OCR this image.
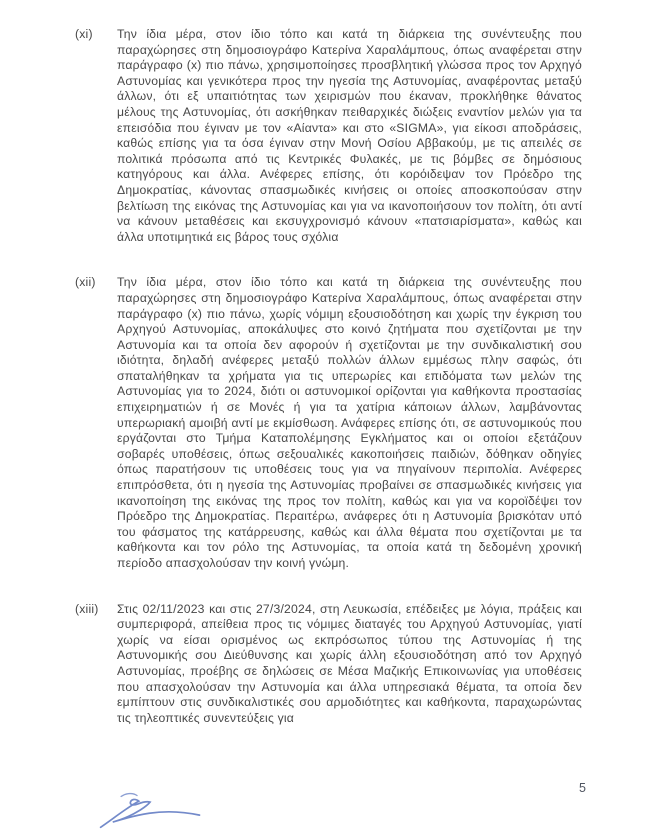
(xi)	Την ίδια μέρα, στον ίδιο τόπο και κατά τη διάρκεια της συνέντευξης που παραχώρησες στη δημοσιογράφο Κατερίνα Χαραλάμπους, όπως αναφέρεται στην παράγραφο (x) πιο πάνω, χρησιμοποίησες προσβλητική γλώσσα προς τον Αρχηγό Αστυνομίας και γενικότερα προς την ηγεσία της Αστυνομίας, αναφέροντας μεταξύ άλλων, ότι εξ υπαιτιότητας των χειρισμών που έκαναν, προκλήθηκε θάνατος μέλους της Αστυνομίας, ότι ασκήθηκαν πειθαρχικές διώξεις εναντίον μελών για τα επεισόδια που έγιναν με τον «Αίαντα» και στο «SIGMA», για είκοσι αποδράσεις, καθώς επίσης για τα όσα έγιναν στην Μονή Οσίου Αββακούμ, με τις απειλές σε πολιτικά πρόσωπα από τις Κεντρικές Φυλακές, με τις βόμβες σε δημόσιους κατηγόρους και άλλα. Ανέφερες επίσης, ότι κορόιδεψαν τον Πρόεδρο της Δημοκρατίας, κάνοντας σπασμωδικές κινήσεις οι οποίες αποσκοπούσαν στην βελτίωση της εικόνας της Αστυνομίας και για να ικανοποιήσουν τον πολίτη, ότι αντί να κάνουν μεταθέσεις και εκσυγχρονισμό κάνουν «πατσιαρίσματα», καθώς και άλλα υποτιμητικά εις βάρος τους σχόλια
(xii)	Την ίδια μέρα, στον ίδιο τόπο και κατά τη διάρκεια της συνέντευξης που παραχώρησες στη δημοσιογράφο Κατερίνα Χαραλάμπους, όπως αναφέρεται στην παράγραφο (x) πιο πάνω, χωρίς νόμιμη εξουσιοδότηση και χωρίς την έγκριση του Αρχηγού Αστυνομίας, αποκάλυψες στο κοινό ζητήματα που σχετίζονται με την Αστυνομία και τα οποία δεν αφορούν ή σχετίζονται με την συνδικαλιστική σου ιδιότητα, δηλαδή ανέφερες μεταξύ πολλών άλλων εμμέσως πλην σαφώς, ότι σπαταλήθηκαν τα χρήματα για τις υπερωρίες και επιδόματα των μελών της Αστυνομίας για το 2024, διότι οι αστυνομικοί ορίζονται για καθήκοντα προστασίας επιχειρηματιών ή σε Μονές ή για τα χατίρια κάποιων άλλων, λαμβάνοντας υπερωριακή αμοιβή αντί με εκμίσθωση. Ανάφερες επίσης ότι, σε αστυνομικούς που εργάζονται στο Τμήμα Καταπολέμησης Εγκλήματος και οι οποίοι εξετάζουν σοβαρές υποθέσεις, όπως σεξουαλικές κακοποιήσεις παιδιών, δόθηκαν οδηγίες όπως παρατήσουν τις υποθέσεις τους για να πηγαίνουν περιπολία. Ανέφερες επιπρόσθετα, ότι η ηγεσία της Αστυνομίας προβαίνει σε σπασμωδικές κινήσεις για ικανοποίηση της εικόνας της προς τον πολίτη, καθώς και για να κοροϊδέψει τον Πρόεδρο της Δημοκρατίας. Περαιτέρω, ανάφερες ότι η Αστυνομία βρισκόταν υπό του φάσματος της κατάρρευσης, καθώς και άλλα θέματα που σχετίζονται με τα καθήκοντα και τον ρόλο της Αστυνομίας, τα οποία κατά τη δεδομένη χρονική περίοδο απασχολούσαν την κοινή γνώμη.
(xiii)	Στις 02/11/2023 και στις 27/3/2024, στη Λευκωσία, επέδειξες με λόγια, πράξεις και συμπεριφορά, απείθεια προς τις νόμιμες διαταγές του Αρχηγού Αστυνομίας, γιατί χωρίς να είσαι ορισμένος ως εκπρόσωπος τύπου της Αστυνομίας ή της Αστυνομικής σου Διεύθυνσης και χωρίς άλλη εξουσιοδότηση από τον Αρχηγό Αστυνομίας, προέβης σε δηλώσεις σε Μέσα Μαζικής Επικοινωνίας για υποθέσεις που απασχολούσαν την Αστυνομία και άλλα υπηρεσιακά θέματα, τα οποία δεν εμπίπτουν στις συνδικαλιστικές σου αρμοδιότητες και καθήκοντα, παραχωρώντας τις τηλεοπτικές συνεντεύξεις για
5
